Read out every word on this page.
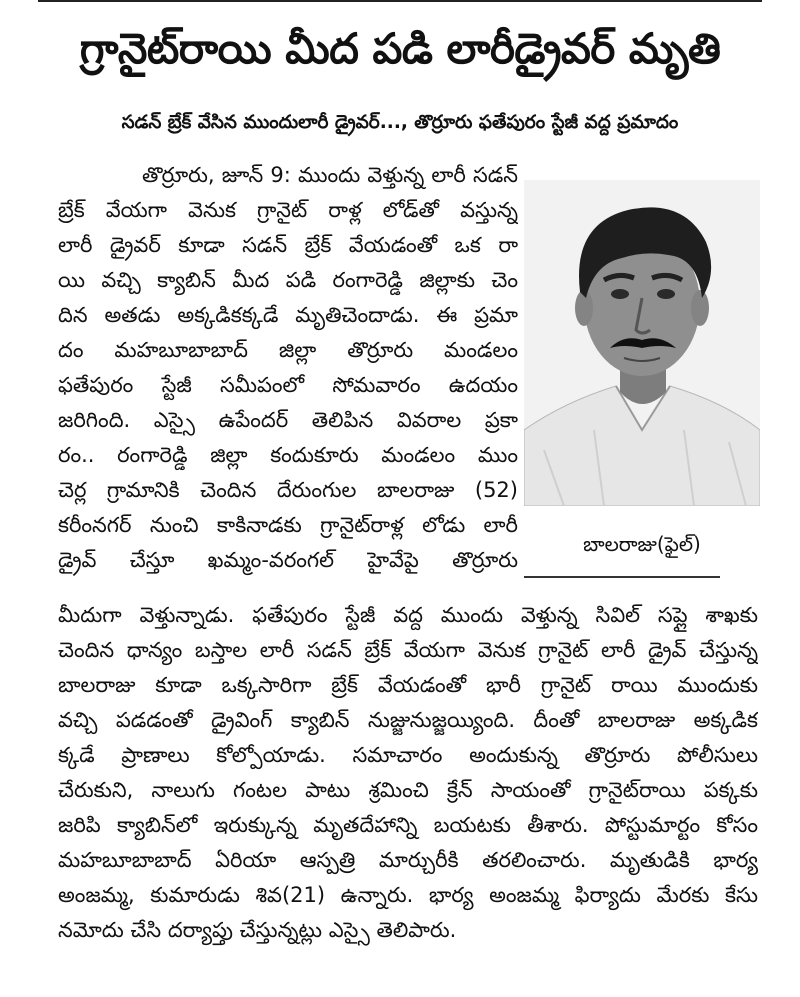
గ్రానైట్‌రాయి మీద పడి లారీడ్రైవర్ మృతి
సడన్‌ బ్రేక్‌ వేసిన ముందులారీ డ్రైవర్‌..., తొర్రూరు ఫతేపురం స్టేజీ వద్ద ప్రమాదం
తొర్రూరు, జూన్‌ 9: ముందు వెళ్తున్న లారీ సడన్‌
బ్రేక్‌ వేయగా వెనుక గ్రానైట్‌ రాళ్ల లోడ్‌తో వస్తున్న
లారీ డ్రైవర్‌ కూడా సడన్‌ బ్రేక్‌ వేయడంతో ఒక రా
యి వచ్చి క్యాబిన్‌ మీద పడి రంగారెడ్డి జిల్లాకు చెం
దిన అతడు అక్కడికక్కడే మృతిచెందాడు. ఈ ప్రమా
దం మహబూబాబాద్‌ జిల్లా తొర్రూరు మండలం
ఫతేపురం స్టేజీ సమీపంలో సోమవారం ఉదయం
జరిగింది. ఎస్సై ఉపేందర్‌ తెలిపిన వివరాల ప్రకా
రం.. రంగారెడ్డి జిల్లా కందుకూరు మండలం ముం
చెర్ల గ్రామానికి చెందిన దేరుంగుల బాలరాజు (52)
కరీంనగర్‌ నుంచి కాకినాడకు గ్రానైట్‌రాళ్ల లోడు లారీ
డ్రైవ్‌ చేస్తూ ఖమ్మం-వరంగల్‌ హైవేపై తొర్రూరు
మీదుగా వెళ్తున్నాడు. ఫతేపురం స్టేజీ వద్ద ముందు వెళ్తున్న సివిల్‌ సప్లై శాఖకు
చెందిన ధాన్యం బస్తాల లారీ సడన్‌ బ్రేక్‌ వేయగా వెనుక గ్రానైట్‌ లారీ డ్రైవ్‌ చేస్తున్న
బాలరాజు కూడా ఒక్కసారిగా బ్రేక్‌ వేయడంతో భారీ గ్రానైట్‌ రాయి ముందుకు
వచ్చి పడడంతో డ్రైవింగ్‌ క్యాబిన్‌ నుజ్జునుజ్జయ్యింది. దీంతో బాలరాజు అక్కడిక
క్కడే ప్రాణాలు కోల్పోయాడు. సమాచారం అందుకున్న తొర్రూరు పోలీసులు
చేరుకుని, నాలుగు గంటల పాటు శ్రమించి క్రేన్‌ సాయంతో గ్రానైట్‌రాయి పక్కకు
జరిపి క్యాబిన్‌లో ఇరుక్కున్న మృతదేహాన్ని బయటకు తీశారు. పోస్టుమార్టం కోసం
మహబూబాబాద్‌ ఏరియా ఆస్పత్రి మార్చురీకి తరలించారు. మృతుడికి భార్య
అంజమ్మ, కుమారుడు శివ(21) ఉన్నారు. భార్య అంజమ్మ ఫిర్యాదు మేరకు కేసు
నమోదు చేసి దర్యాప్తు చేస్తున్నట్లు ఎస్సై తెలిపారు.
బాలరాజు(ఫైల్‌)
